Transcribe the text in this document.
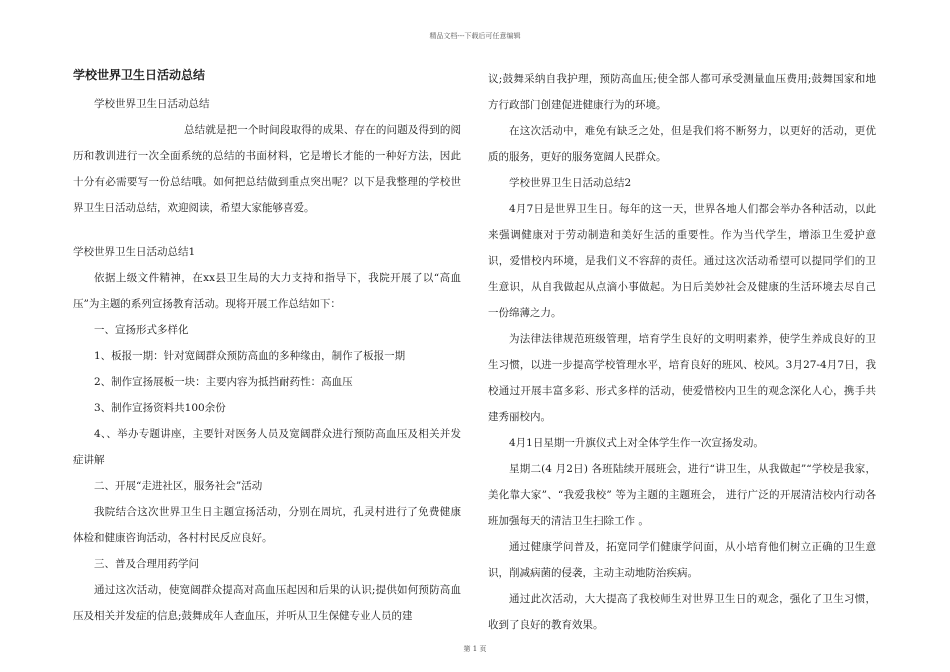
精品文档---下载后可任意编辑
学校世界卫生日活动总结

学校世界卫生日活动总结

总结就是把一个时间段取得的成果、存在的问题及得到的阅历和教训进行一次全面系统的总结的书面材料，它是增长才能的一种好方法，因此十分有必需要写一份总结哦。如何把总结做到重点突出呢？以下是我整理的学校世界卫生日活动总结，欢迎阅读，希望大家能够喜爱。

学校世界卫生日活动总结1

依据上级文件精神，在xx县卫生局的大力支持和指导下，我院开展了以“高血压”为主题的系列宣扬教育活动。现将开展工作总结如下：

一、宣扬形式多样化

1、板报一期：针对宽阔群众预防高血的多种缘由，制作了板报一期

2、制作宣扬展板一块：主要内容为抵挡耐药性：高血压

3、制作宣扬资料共100余份

4、、举办专题讲座，主要针对医务人员及宽阔群众进行预防高血压及相关并发症讲解

二、开展“走进社区，服务社会”活动

我院结合这次世界卫生日主题宣扬活动，分别在周坑，孔灵村进行了免费健康体检和健康咨询活动，各村村民反应良好。

三、普及合理用药学问

通过这次活动，使宽阔群众提高对高血压起因和后果的认识;提供如何预防高血压及相关并发症的信息;鼓舞成年人查血压，并听从卫生保健专业人员的建

议;鼓舞采纳自我护理，预防高血压;使全部人都可承受测量血压费用;鼓舞国家和地方行政部门创建促进健康行为的环境。

在这次活动中，难免有缺乏之处，但是我们将不断努力，以更好的活动，更优质的服务，更好的服务宽阔人民群众。

学校世界卫生日活动总结2

4月7日是世界卫生日。每年的这一天，世界各地人们都会举办各种活动，以此来强调健康对于劳动制造和美好生活的重要性。作为当代学生，增添卫生爱护意识，爱惜校内环境，是我们义不容辞的责任。通过这次活动希望可以提同学们的卫生意识，从自我做起从点滴小事做起。为日后美妙社会及健康的生活环境去尽自己一份绵薄之力。

为法律法律规范班级管理，培育学生良好的文明明素养，使学生养成良好的卫生习惯，以进一步提高学校管理水平，培育良好的班风、校风。3月27-4月7日，我校通过开展丰富多彩、形式多样的活动，使爱惜校内卫生的观念深化人心，携手共建秀丽校内。

4月1日星期一升旗仪式上对全体学生作一次宣扬发动。

星期二(4 月2日) 各班陆续开展班会，进行“讲卫生，从我做起”“学校是我家，美化靠大家”、“我爱我校” 等为主题的主题班会， 进行广泛的开展清洁校内行动各班加强每天的清洁卫生扫除工作 。

通过健康学问普及，拓宽同学们健康学问面，从小培育他们树立正确的卫生意识，削减病菌的侵袭，主动主动地防治疾病。

通过此次活动，大大提高了我校师生对世界卫生日的观念，强化了卫生习惯，收到了良好的教育效果。

第 1 页
